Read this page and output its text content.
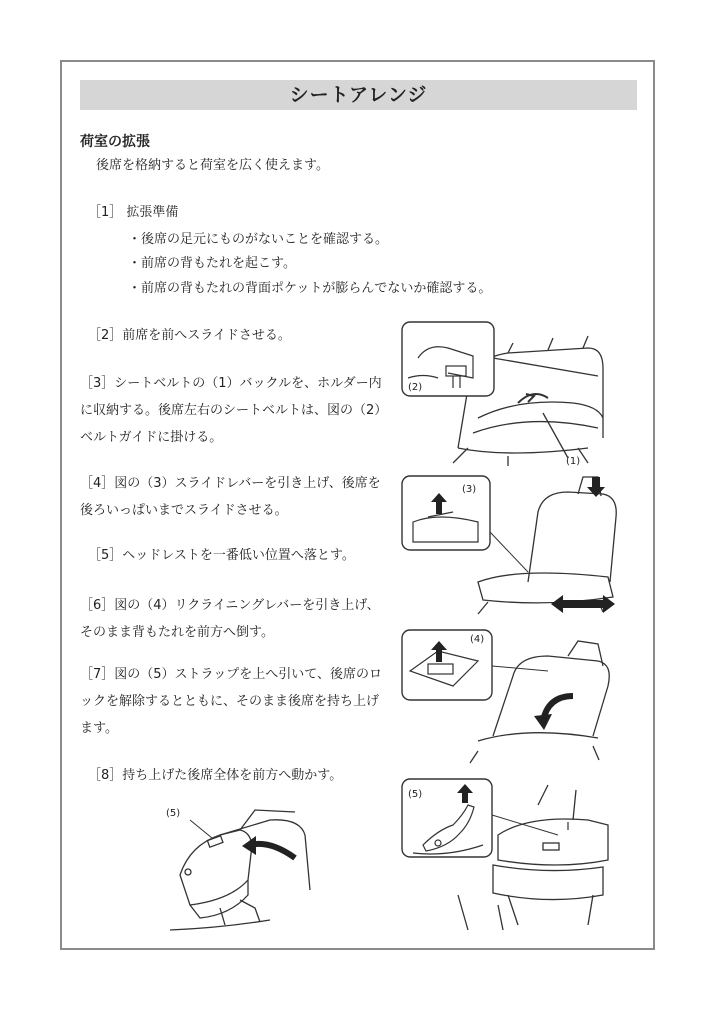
シートアレンジ
荷室の拡張
後席を格納すると荷室を広く使えます。
［1］ 拡張準備
・後席の足元にものがないことを確認する。
・前席の背もたれを起こす。
・前席の背もたれの背面ポケットが膨らんでないか確認する。
［2］前席を前へスライドさせる。
［3］シートベルトの（1）バックルを、ホルダー内に収納する。後席左右のシートベルトは、図の（2）ベルトガイドに掛ける。
［4］図の（3）スライドレバーを引き上げ、後席を後ろいっぱいまでスライドさせる。
［5］ヘッドレストを一番低い位置へ落とす。
［6］図の（4）リクライニングレバーを引き上げ、そのまま背もたれを前方へ倒す。
［7］図の（5）ストラップを上へ引いて、後席のロックを解除するとともに、そのまま後席を持ち上げます。
［8］持ち上げた後席全体を前方へ動かす。
(2)
(1)
(3)
(4)
(5)
(5)
